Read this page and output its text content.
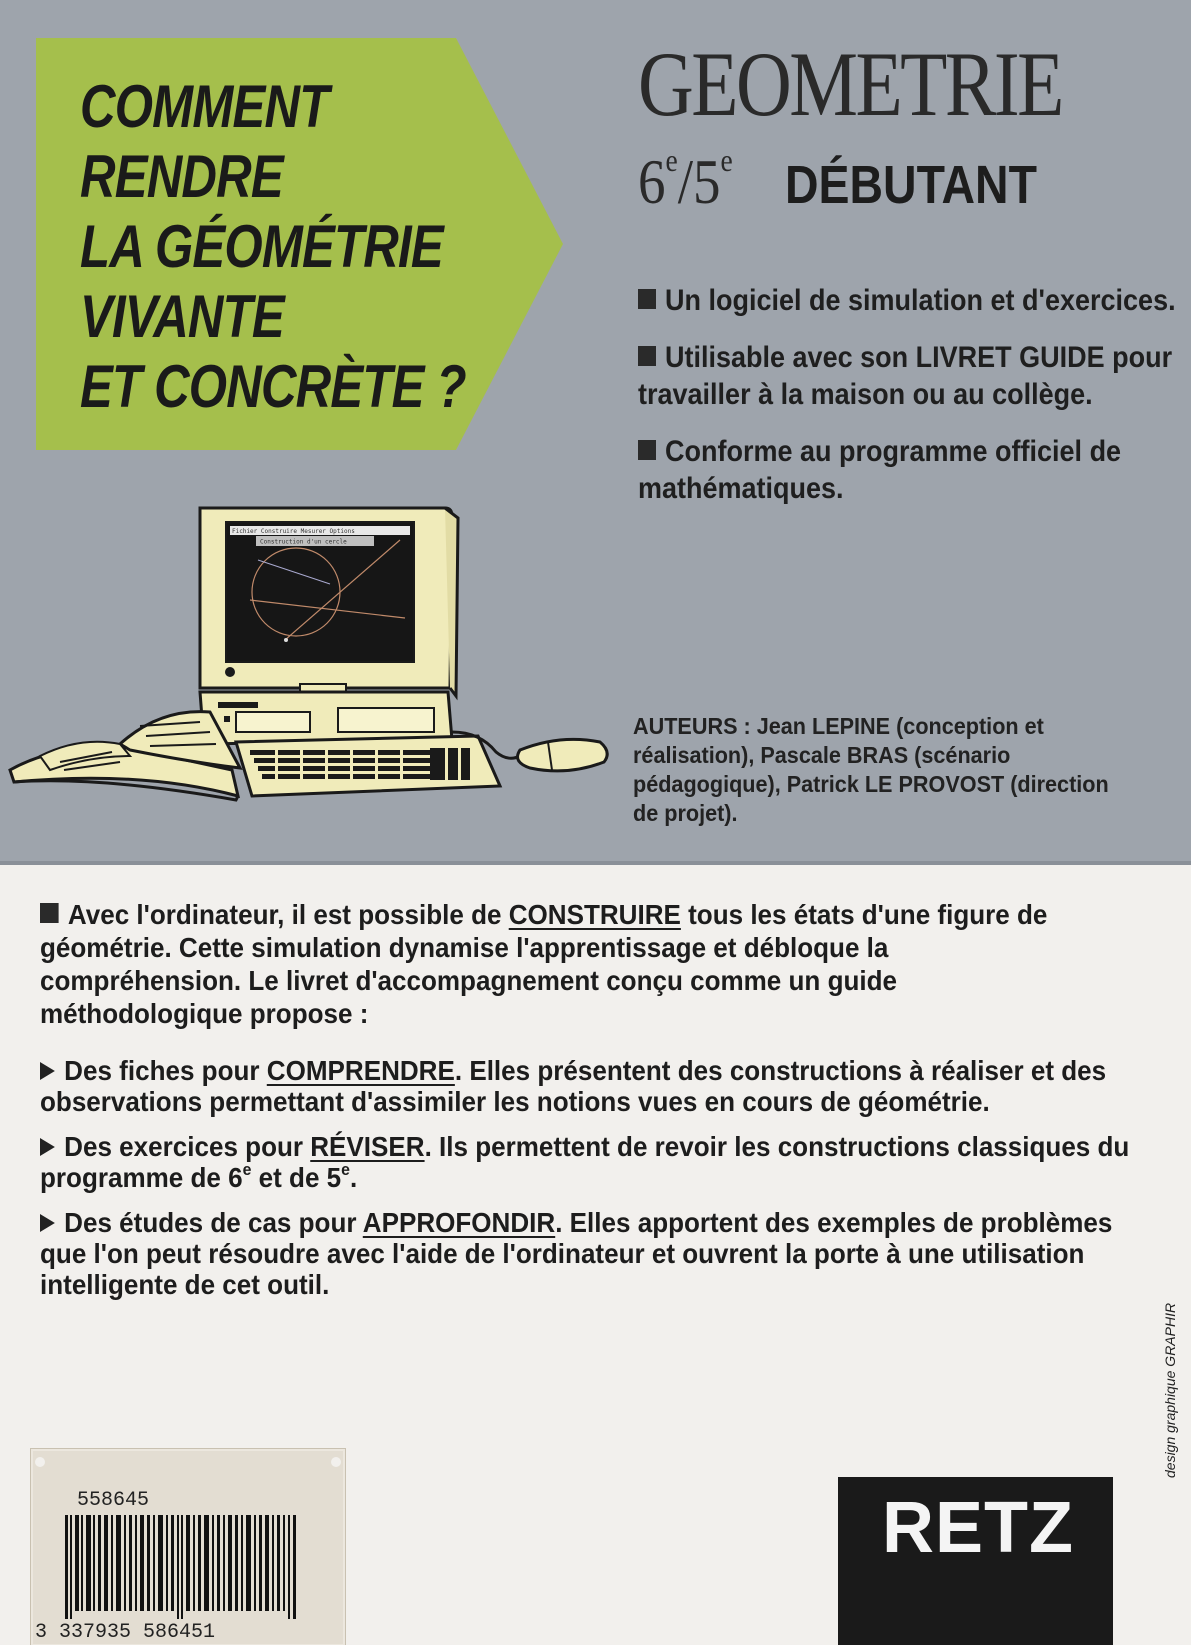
COMMENT
RENDRE
LA GÉOMÉTRIE
VIVANTE
ET CONCRÈTE ?
GEOMETRIE
6e/5e DÉBUTANT
Un logiciel de simulation et d'exercices.
Utilisable avec son LIVRET GUIDE pour travailler à la maison ou au collège.
Conforme au programme officiel de mathématiques.

AUTEURS : Jean LEPINE (conception et réalisation), Pascale BRAS (scénario pédagogique), Patrick LE PROVOST (direction de projet).

Fichier Construire Mesurer Options
Construction d'un cercle

Avec l'ordinateur, il est possible de CONSTRUIRE tous les états d'une figure de géométrie. Cette simulation dynamise l'apprentissage et débloque la compréhension. Le livret d'accompagnement conçu comme un guide méthodologique propose :

Des fiches pour COMPRENDRE. Elles présentent des constructions à réaliser et des observations permettant d'assimiler les notions vues en cours de géométrie.
Des exercices pour RÉVISER. Ils permettent de revoir les constructions classiques du programme de 6e et de 5e.
Des études de cas pour APPROFONDIR. Elles apportent des exemples de problèmes que l'on peut résoudre avec l'aide de l'ordinateur et ouvrent la porte à une utilisation intelligente de cet outil.
design graphique GRAPHIR
558645
3 337935 586451
RETZ
